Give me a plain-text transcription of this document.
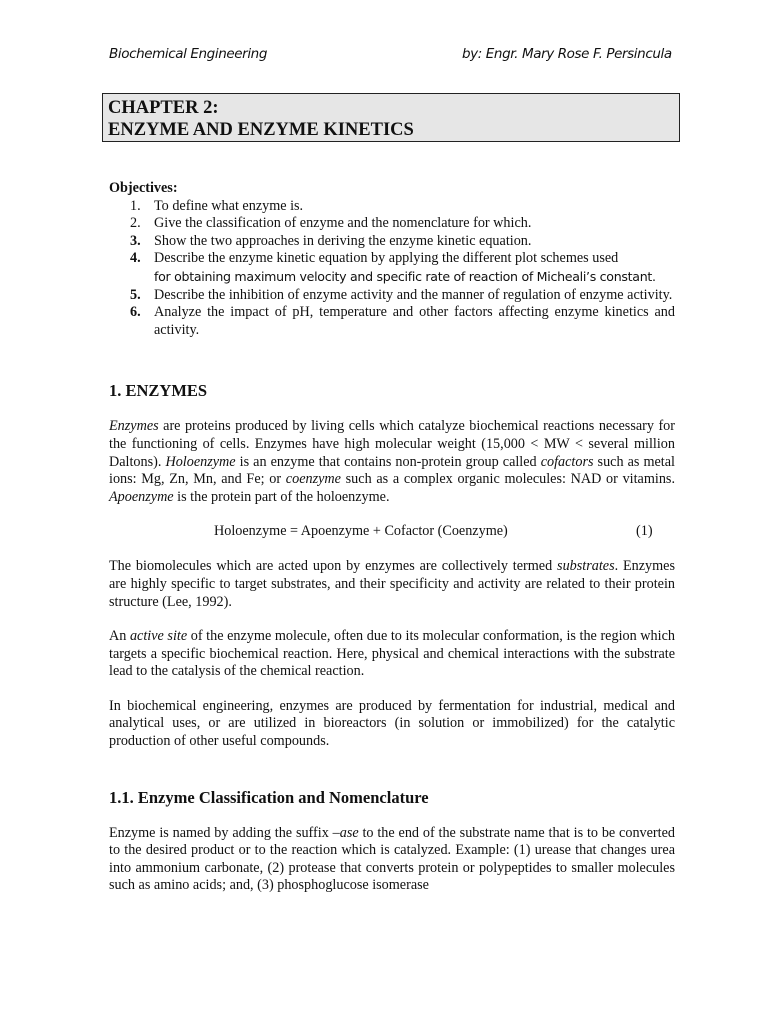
Biochemical Engineering	by: Engr. Mary Rose F. Persincula
CHAPTER 2:
ENZYME AND ENZYME KINETICS
Objectives:
1. To define what enzyme is.
2. Give the classification of enzyme and the nomenclature for which.
3. Show the two approaches in deriving the enzyme kinetic equation.
4. Describe the enzyme kinetic equation by applying the different plot schemes used
for obtaining maximum velocity and specific rate of reaction of Micheali’s constant.
5. Describe the inhibition of enzyme activity and the manner of regulation of enzyme activity.
6. Analyze the impact of pH, temperature and other factors affecting enzyme kinetics and activity.
1. ENZYMES

Enzymes are proteins produced by living cells which catalyze biochemical reactions necessary for the functioning of cells. Enzymes have high molecular weight (15,000 < MW < several million Daltons). Holoenzyme is an enzyme that contains non-protein group called cofactors such as metal ions: Mg, Zn, Mn, and Fe; or coenzyme such as a complex organic molecules: NAD or vitamins. Apoenzyme is the protein part of the holoenzyme.

Holoenzyme = Apoenzyme + Cofactor (Coenzyme)	(1)

The biomolecules which are acted upon by enzymes are collectively termed substrates. Enzymes are highly specific to target substrates, and their specificity and activity are related to their protein structure (Lee, 1992).

An active site of the enzyme molecule, often due to its molecular conformation, is the region which targets a specific biochemical reaction. Here, physical and chemical interactions with the substrate lead to the catalysis of the chemical reaction.

In biochemical engineering, enzymes are produced by fermentation for industrial, medical and analytical uses, or are utilized in bioreactors (in solution or immobilized) for the catalytic production of other useful compounds.

1.1. Enzyme Classification and Nomenclature

Enzyme is named by adding the suffix –ase to the end of the substrate name that is to be converted to the desired product or to the reaction which is catalyzed. Example: (1) urease that changes urea into ammonium carbonate, (2) protease that converts protein or polypeptides to smaller molecules such as amino acids; and, (3) phosphoglucose isomerase
